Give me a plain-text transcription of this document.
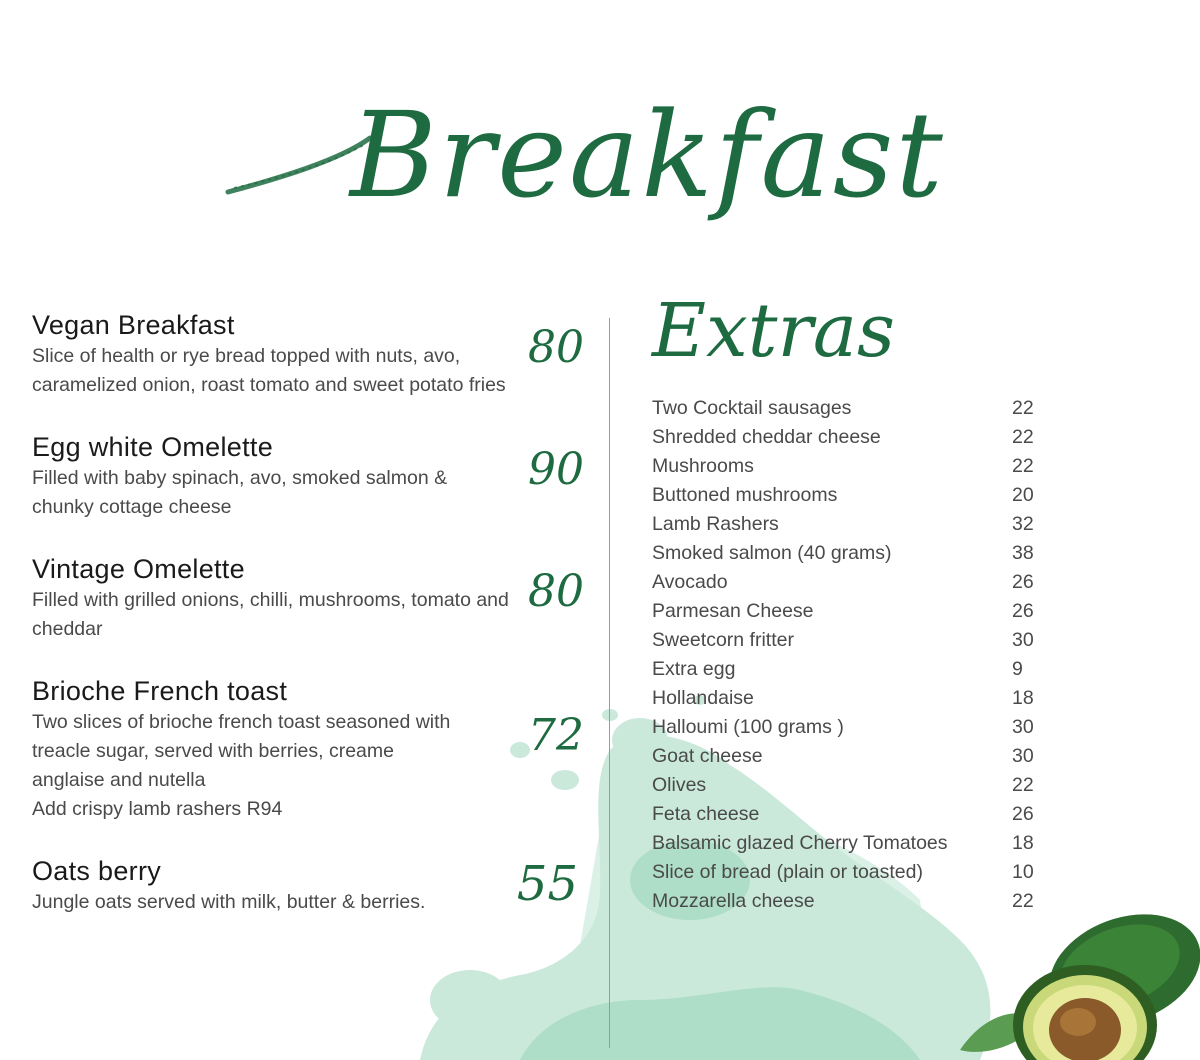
Breakfast
Vegan Breakfast
Slice of health or rye bread topped with nuts, avo,
caramelized onion, roast tomato and sweet potato fries
80
Egg white Omelette
Filled with baby spinach, avo, smoked salmon &
chunky cottage cheese
90
Vintage Omelette
Filled with grilled onions, chilli, mushrooms, tomato and
cheddar
80
Brioche French toast
Two slices of brioche french toast seasoned with
treacle sugar, served with berries, creame
anglaise and nutella
Add crispy lamb rashers R94
72
Oats berry
Jungle oats served with milk, butter & berries.	55
Extras
Two Cocktail sausages	22
Shredded cheddar cheese	22
Mushrooms	22
Buttoned mushrooms	20
Lamb Rashers	32
Smoked salmon (40 grams)	38
Avocado	26
Parmesan Cheese	26
Sweetcorn fritter	30
Extra egg	9
Hollandaise	18
Halloumi (100 grams )	30
Goat cheese	30
Olives	22
Feta cheese	26
Balsamic glazed Cherry Tomatoes	18
Slice of bread (plain or toasted)	10
Mozzarella cheese	22
